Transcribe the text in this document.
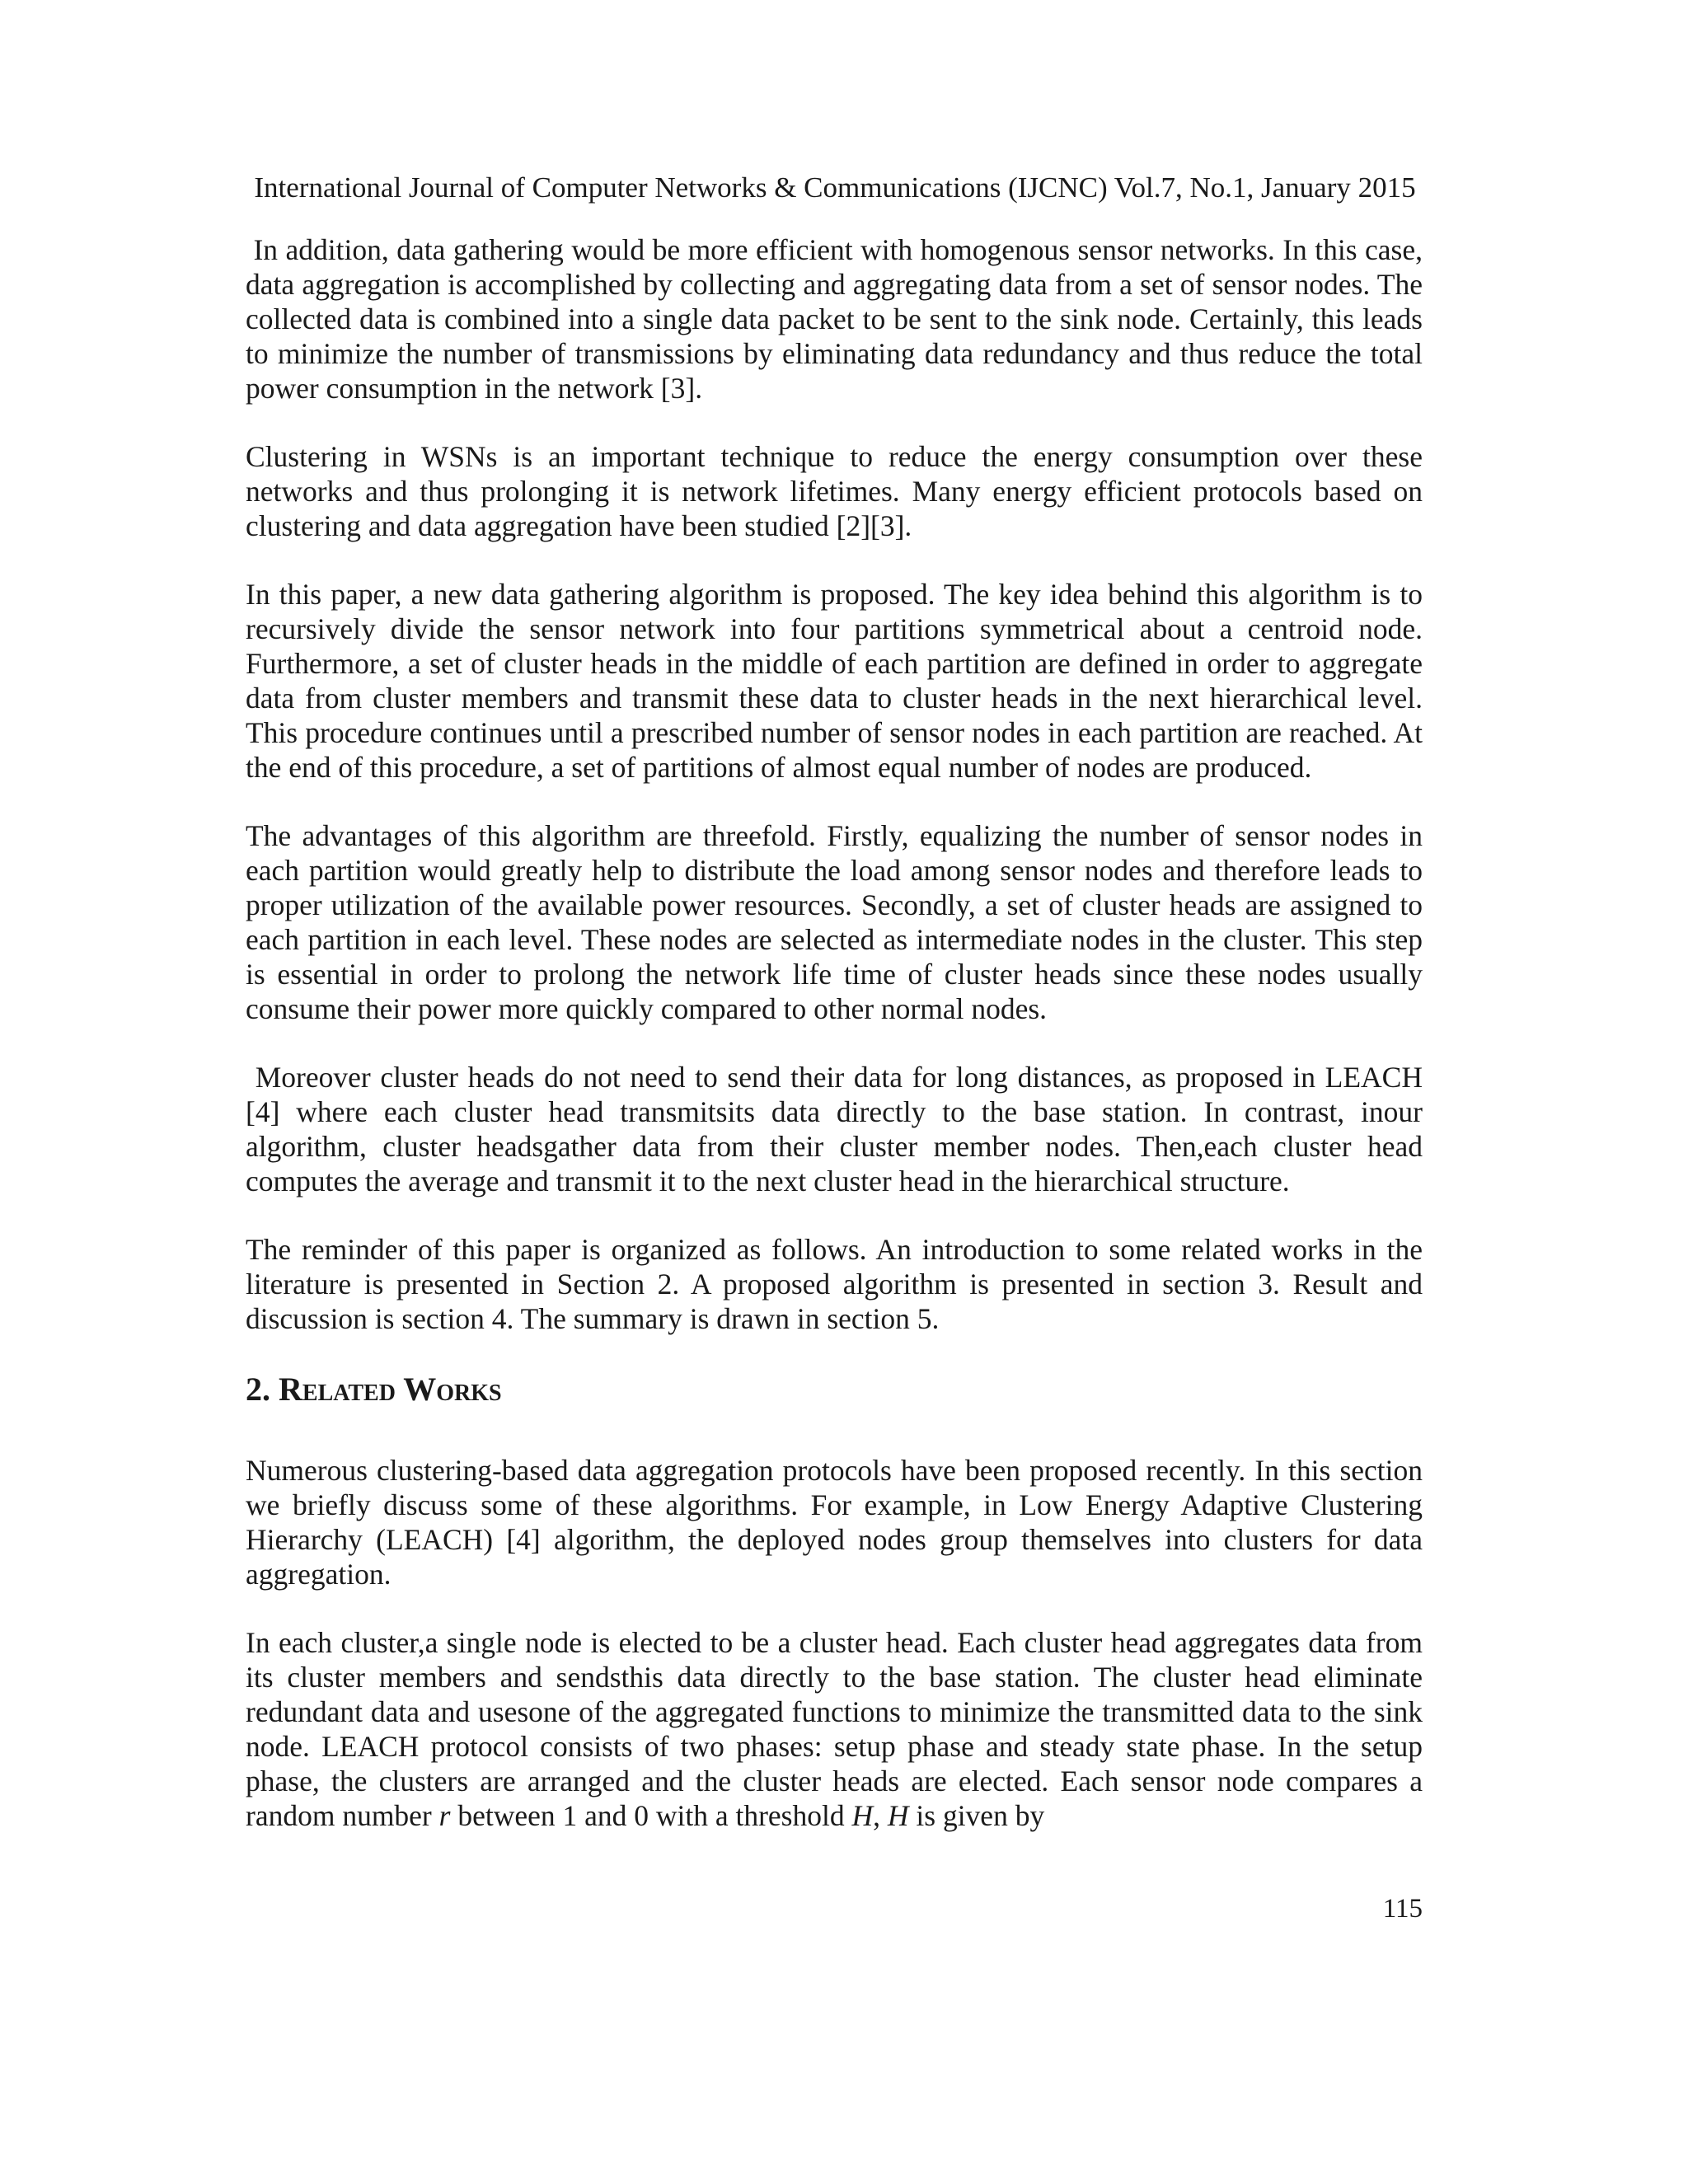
International Journal of Computer Networks & Communications (IJCNC) Vol.7, No.1, January 2015

In addition, data gathering would be more efficient with homogenous sensor networks. In this case, data aggregation is accomplished by collecting and aggregating data from a set of sensor nodes. The collected data is combined into a single data packet to be sent to the sink node. Certainly, this leads to minimize the number of transmissions by eliminating data redundancy and thus reduce the total power consumption in the network [3].

Clustering in WSNs is an important technique to reduce the energy consumption over these networks and thus prolonging it is network lifetimes. Many energy efficient protocols based on clustering and data aggregation have been studied [2][3].

In this paper, a new data gathering algorithm is proposed. The key idea behind this algorithm is to recursively divide the sensor network into four partitions symmetrical about a centroid node. Furthermore, a set of cluster heads in the middle of each partition are defined in order to aggregate data from cluster members and transmit these data to cluster heads in the next hierarchical level. This procedure continues until a prescribed number of sensor nodes in each partition are reached. At the end of this procedure, a set of partitions of almost equal number of nodes are produced.

The advantages of this algorithm are threefold. Firstly, equalizing the number of sensor nodes in each partition would greatly help to distribute the load among sensor nodes and therefore leads to proper utilization of the available power resources. Secondly, a set of cluster heads are assigned to each partition in each level. These nodes are selected as intermediate nodes in the cluster. This step is essential in order to prolong the network life time of cluster heads since these nodes usually consume their power more quickly compared to other normal nodes.

Moreover cluster heads do not need to send their data for long distances, as proposed in LEACH [4] where each cluster head transmitsits data directly to the base station. In contrast, inour algorithm, cluster headsgather data from their cluster member nodes. Then,each cluster head computes the average and transmit it to the next cluster head in the hierarchical structure.

The reminder of this paper is organized as follows. An introduction to some related works in the literature is presented in Section 2. A proposed algorithm is presented in section 3. Result and discussion is section 4. The summary is drawn in section 5.

2. Related Works

Numerous clustering-based data aggregation protocols have been proposed recently. In this section we briefly discuss some of these algorithms. For example, in Low Energy Adaptive Clustering Hierarchy (LEACH) [4] algorithm, the deployed nodes group themselves into clusters for data aggregation.

In each cluster,a single node is elected to be a cluster head. Each cluster head aggregates data from its cluster members and sendsthis data directly to the base station. The cluster head eliminate redundant data and usesone of the aggregated functions to minimize the transmitted data to the sink node. LEACH protocol consists of two phases: setup phase and steady state phase. In the setup phase, the clusters are arranged and the cluster heads are elected. Each sensor node compares a random number r between 1 and 0 with a threshold H, H is given by

115
